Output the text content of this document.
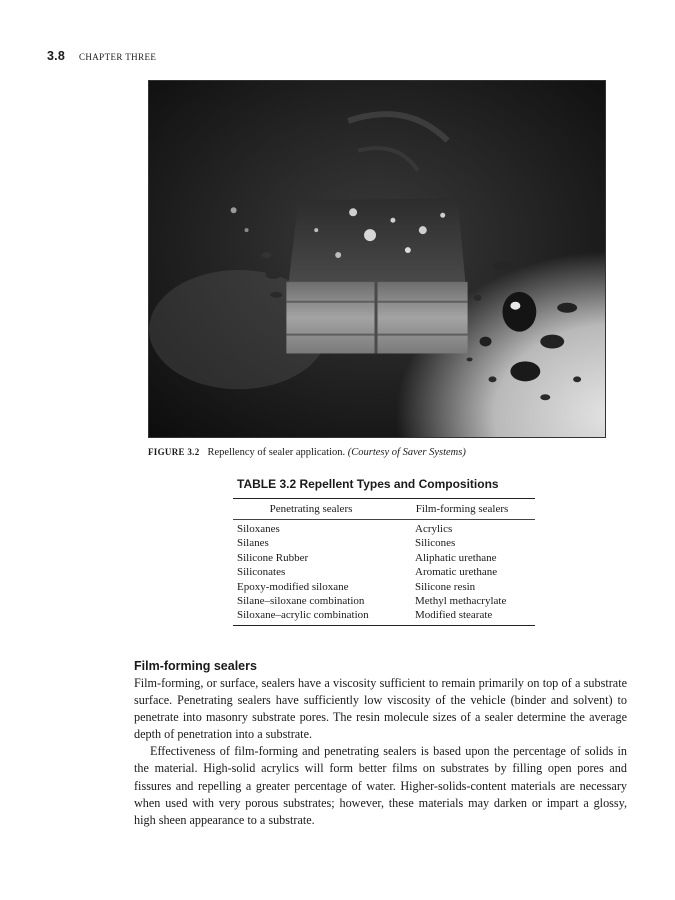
3.8 CHAPTER THREE
FIGURE 3.2 Repellency of sealer application. (Courtesy of Saver Systems)
TABLE 3.2 Repellent Types and Compositions
Penetrating sealers	Film-forming sealers
Siloxanes	Acrylics
Silanes	Silicones
Silicone Rubber	Aliphatic urethane
Siliconates	Aromatic urethane
Epoxy-modified siloxane	Silicone resin
Silane–siloxane combination	Methyl methacrylate
Siloxane–acrylic combination	Modified stearate
Film-forming sealers

Film-forming, or surface, sealers have a viscosity sufficient to remain primarily on top of a substrate surface. Penetrating sealers have sufficiently low viscosity of the vehicle (binder and solvent) to penetrate into masonry substrate pores. The resin molecule sizes of a sealer determine the average depth of penetration into a substrate.

Effectiveness of film-forming and penetrating sealers is based upon the percentage of solids in the material. High-solid acrylics will form better films on substrates by filling open pores and fissures and repelling a greater percentage of water. Higher-solids-content materials are necessary when used with very porous substrates; however, these materials may darken or impart a glossy, high sheen appearance to a substrate.
